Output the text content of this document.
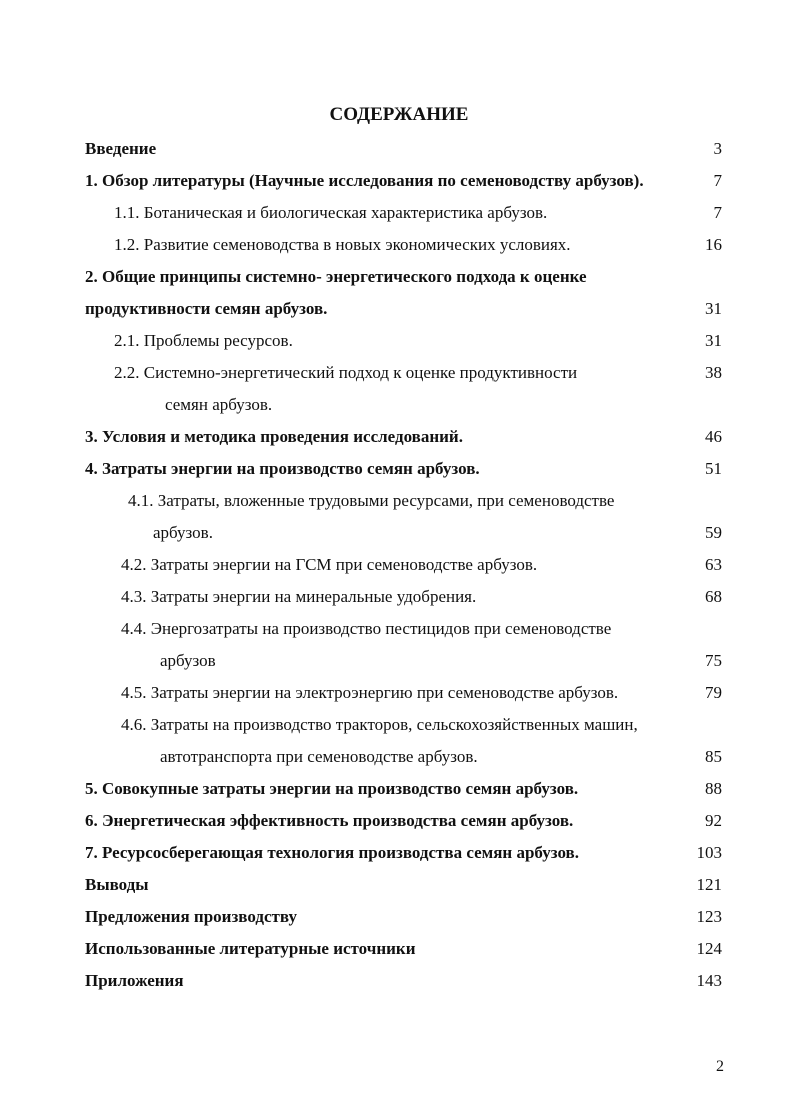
СОДЕРЖАНИЕ
Введение	3
1. Обзор литературы (Научные исследования по семеноводству арбузов).	7
1.1. Ботаническая и биологическая характеристика арбузов.	7
1.2. Развитие семеноводства в новых экономических условиях.	16
2. Общие принципы системно- энергетического подхода к оценке
продуктивности семян арбузов.	31
2.1. Проблемы ресурсов.	31
2.2. Системно-энергетический подход к оценке продуктивности	38
семян арбузов.
3. Условия и методика проведения исследований.	46
4. Затраты энергии на производство семян арбузов.	51
4.1. Затраты, вложенные трудовыми ресурсами, при семеноводстве
арбузов.	59
4.2. Затраты энергии на ГСМ при семеноводстве арбузов.	63
4.3. Затраты энергии на минеральные удобрения.	68
4.4. Энергозатраты на производство пестицидов при семеноводстве
арбузов	75
4.5. Затраты энергии на электроэнергию при семеноводстве арбузов.	79
4.6. Затраты на производство тракторов, сельскохозяйственных машин,
автотранспорта при семеноводстве арбузов.	85
5. Совокупные затраты энергии на производство семян арбузов.	88
6. Энергетическая эффективность производства семян арбузов.	92
7. Ресурсосберегающая технология производства семян арбузов.	103
Выводы	121
Предложения производству	123
Использованные литературные источники	124
Приложения	143
2
